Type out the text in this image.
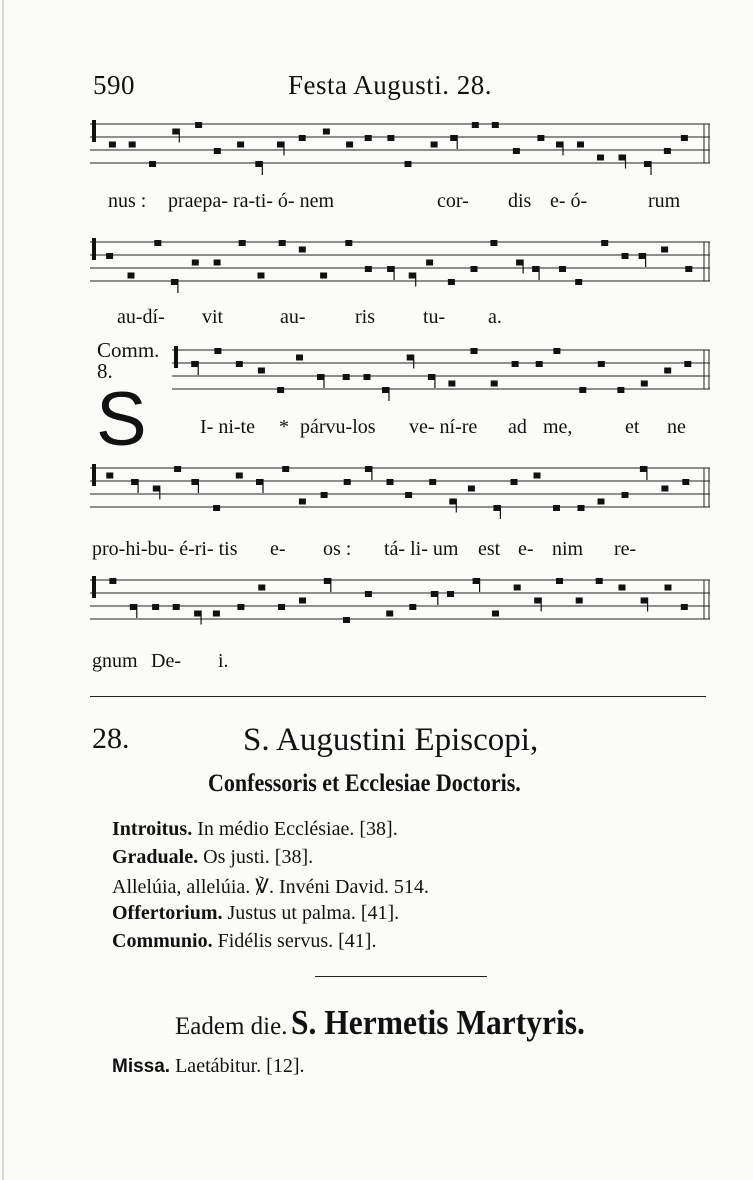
590	Festa Augusti. 28.
nus : praepa- ra-ti- ó- nem	cor- dis e- ó-	rum
au-dí- vit	au- ris tu- a.
Comm.
8.
S	I- ni-te * párvu-los ve- ní-re ad me,	et ne
pro-hi-bu- é-ri- tis e- os : tá- li- um est e- nim re-
gnum De- i.
28.	S. Augustini Episcopi,
Confessoris et Ecclesiae Doctoris.
Introitus. In médio Ecclésiae. [38].
Graduale. Os justi. [38].
Allelúia, allelúia. ℣. Invéni David. 514.
Offertorium. Justus ut palma. [41].
Communio. Fidélis servus. [41].
Eadem die. S. Hermetis Martyris.
Missa. Laetábitur. [12].
